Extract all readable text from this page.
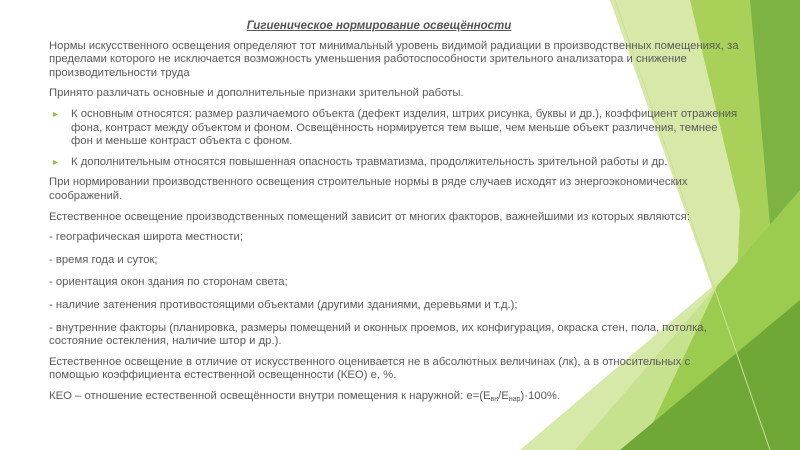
Гигиеническое нормирование освещённости

Нормы искусственного освещения определяют тот минимальный уровень видимой радиации в производственных помещениях, за пределами которого не исключается возможность уменьшения работоспособности зрительного анализатора и снижение производительности труда

Принято различать основные и дополнительные признаки зрительной работы.

▸ К основным относятся: размер различаемого объекта (дефект изделия, штрих рисунка, буквы и др.), коэффициент отражения фона, контраст между объектом и фоном. Освещённость нормируется тем выше, чем меньше объект различения, темнее фон и меньше контраст объекта с фоном.

▸ К дополнительным относятся повышенная опасность травматизма, продолжительность зрительной работы и др.

При нормировании производственного освещения строительные нормы в ряде случаев исходят из энергоэкономических соображений.

Естественное освещение производственных помещений зависит от многих факторов, важнейшими из которых являются:

- географическая широта местности;

- время года и суток;

- ориентация окон здания по сторонам света;

- наличие затенения противостоящими объектами (другими зданиями, деревьями и т.д.);

- внутренние факторы (планировка, размеры помещений и оконных проемов, их конфигурация, окраска стен, пола, потолка, состояние остекления, наличие штор и др.).

Естественное освещение в отличие от искусственного оценивается не в абсолютных величинах (лк), а в относительных с помощью коэффициента естественной освещенности (КЕО) е, %.

КЕО – отношение естественной освещённости внутри помещения к наружной: $e=(E_{вн}/E_{нар})\cdot 100\%$.
